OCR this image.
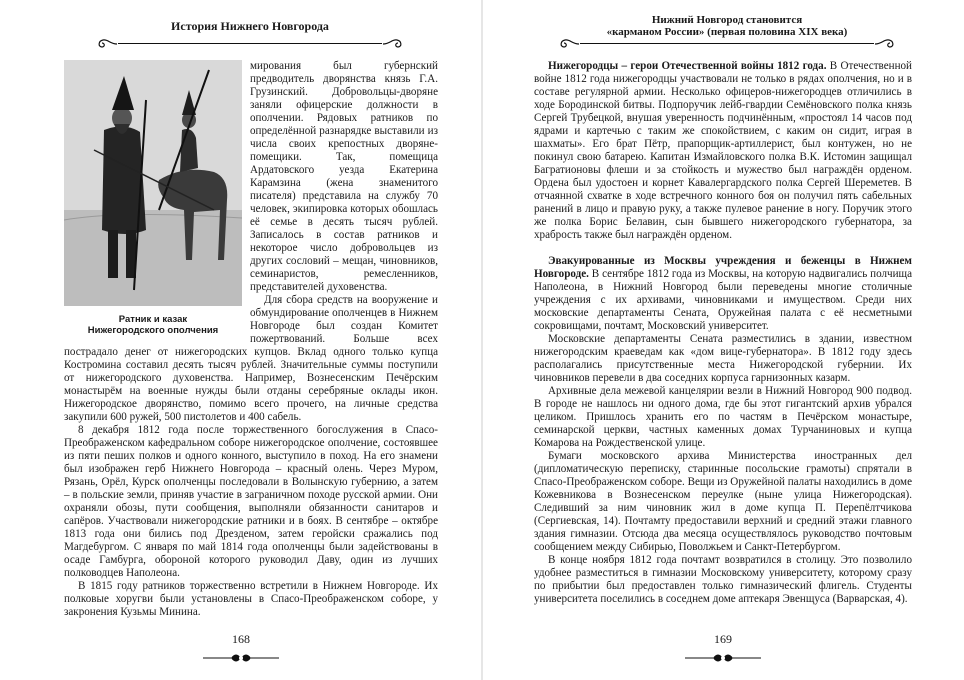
История Нижнего Новгорода
Ратник и казак
Нижегородского ополчения

мирования был губернский предводитель дворянства князь Г.А. Грузинский. Добровольцы-дворяне заняли офицерские должности в ополчении. Рядовых ратников по определённой разнарядке выставили из числа своих крепостных дворяне-помещики. Так, помещица Ардатовского уезда Екатерина Карамзина (жена знаменитого писателя) представила на службу 70 человек, экипировка которых обошлась её семье в десять тысяч рублей. Записалось в состав ратников и некоторое число добровольцев из других сословий – мещан, чиновников, семинаристов, ремесленников, представителей духовенства.

Для сбора средств на вооружение и обмундирование ополченцев в Нижнем Новгороде был создан Комитет пожертвований. Больше всех пострадало денег от нижегородских купцов. Вклад одного только купца Костромина составил десять тысяч рублей. Значительные суммы поступили от нижегородского духовенства. Например, Вознесенским Печёрским монастырём на военные нужды были отданы серебряные оклады икон. Нижегородское дворянство, помимо всего прочего, на личные средства закупили 600 ружей, 500 пистолетов и 400 сабель.

8 декабря 1812 года после торжественного богослужения в Спасо-Преображенском кафедральном соборе нижегородское ополчение, состоявшее из пяти пеших полков и одного конного, выступило в поход. На его знамени был изображен герб Нижнего Новгорода – красный олень. Через Муром, Рязань, Орёл, Курск ополченцы последовали в Волынскую губернию, а затем – в польские земли, приняв участие в заграничном походе русской армии. Они охраняли обозы, пути сообщения, выполняли обязанности санитаров и сапёров. Участвовали нижегородские ратники и в боях. В сентябре – октябре 1813 года они бились под Дрезденом, затем геройски сражались под Магдебургом. С января по май 1814 года ополченцы были задействованы в осаде Гамбурга, обороной которого руководил Даву, один из лучших полководцев Наполеона.

В 1815 году ратников торжественно встретили в Нижнем Новгороде. Их полковые хоругви были установлены в Спасо-Преображенском соборе, у закронения Кузьмы Минина.

168
Нижний Новгород становится
«карманом России» (первая половина XIX века)

Нижегородцы – герои Отечественной войны 1812 года. В Отечественной войне 1812 года нижегородцы участвовали не только в рядах ополчения, но и в составе регулярной армии. Несколько офицеров-нижегородцев отличились в ходе Бородинской битвы. Подпоручик лейб-гвардии Семёновского полка князь Сергей Трубецкой, внушая уверенность подчинённым, «простоял 14 часов под ядрами и картечью с таким же спокойствием, с каким он сидит, играя в шахматы». Его брат Пётр, прапорщик-артиллерист, был контужен, но не покинул свою батарею. Капитан Измайловского полка В.К. Истомин защищал Багратионовы флеши и за стойкость и мужество был награждён орденом. Ордена был удостоен и корнет Кавалергардского полка Сергей Шереметев. В отчаянной схватке в ходе встречного конного боя он получил пять сабельных ранений в лицо и правую руку, а также пулевое ранение в ногу. Поручик этого же полка Борис Белавин, сын бывшего нижегородского губернатора, за храбрость также был награждён орденом.

Эвакуированные из Москвы учреждения и беженцы в Нижнем Новгороде. В сентябре 1812 года из Москвы, на которую надвигались полчища Наполеона, в Нижний Новгород были переведены многие столичные учреждения с их архивами, чиновниками и имуществом. Среди них московские департаменты Сената, Оружейная палата с её несметными сокровищами, почтамт, Московский университет.

Московские департаменты Сената разместились в здании, известном нижегородским краеведам как «дом вице-губернатора». В 1812 году здесь располагались присутственные места Нижегородской губернии. Их чиновников перевели в два соседних корпуса гарнизонных казарм.

Архивные дела межевой канцелярии везли в Нижний Новгород 900 подвод. В городе не нашлось ни одного дома, где бы этот гигантский архив убрался целиком. Пришлось хранить его по частям в Печёрском монастыре, семинарской церкви, частных каменных домах Турчаниновых и купца Комарова на Рождественской улице.

Бумаги московского архива Министерства иностранных дел (дипломатическую переписку, старинные посольские грамоты) спрятали в Спасо-Преображенском соборе. Вещи из Оружейной палаты находились в доме Кожевникова в Вознесенском переулке (ныне улица Нижегородская). Следивший за ним чиновник жил в доме купца П. Перепёлтчикова (Сергиевская, 14). Почтамту предоставили верхний и средний этажи главного здания гимназии. Отсюда два месяца осуществлялось руководство почтовым сообщением между Сибирью, Поволжьем и Санкт-Петербургом.

В конце ноября 1812 года почтамт возвратился в столицу. Это позволило удобнее разместиться в гимназии Московскому университету, которому сразу по прибытии был предоставлен только гимназический флигель. Студенты университета поселились в соседнем доме аптекаря Эвенщуса (Варварская, 4).

169
